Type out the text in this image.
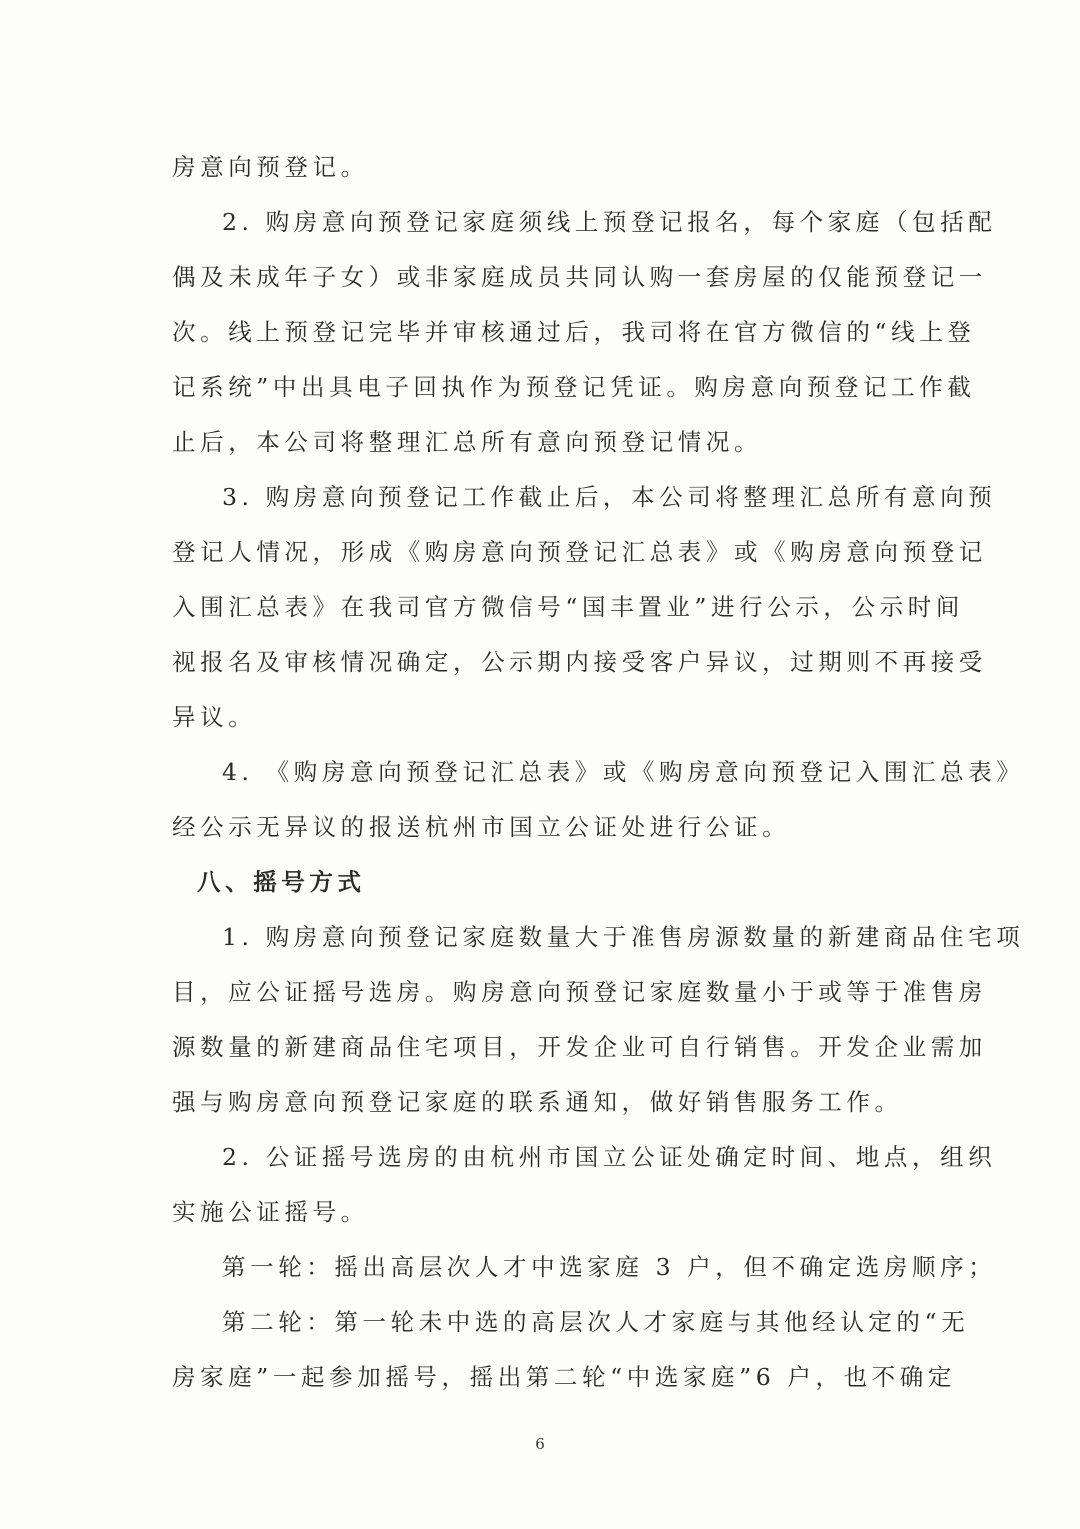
房意向预登记。
2. 购房意向预登记家庭须线上预登记报名，每个家庭（包括配
偶及未成年子女）或非家庭成员共同认购一套房屋的仅能预登记一
次。线上预登记完毕并审核通过后，我司将在官方微信的“线上登
记系统”中出具电子回执作为预登记凭证。购房意向预登记工作截
止后，本公司将整理汇总所有意向预登记情况。
3. 购房意向预登记工作截止后，本公司将整理汇总所有意向预
登记人情况，形成《购房意向预登记汇总表》或《购房意向预登记
入围汇总表》在我司官方微信号“国丰置业”进行公示，公示时间
视报名及审核情况确定，公示期内接受客户异议，过期则不再接受
异议。
4. 《购房意向预登记汇总表》或《购房意向预登记入围汇总表》
经公示无异议的报送杭州市国立公证处进行公证。
八、摇号方式
1. 购房意向预登记家庭数量大于准售房源数量的新建商品住宅项
目，应公证摇号选房。购房意向预登记家庭数量小于或等于准售房
源数量的新建商品住宅项目，开发企业可自行销售。开发企业需加
强与购房意向预登记家庭的联系通知，做好销售服务工作。
2. 公证摇号选房的由杭州市国立公证处确定时间、地点，组织
实施公证摇号。
第一轮：摇出高层次人才中选家庭 3 户，但不确定选房顺序；
第二轮：第一轮未中选的高层次人才家庭与其他经认定的“无
房家庭”一起参加摇号，摇出第二轮“中选家庭”6 户，也不确定
6
